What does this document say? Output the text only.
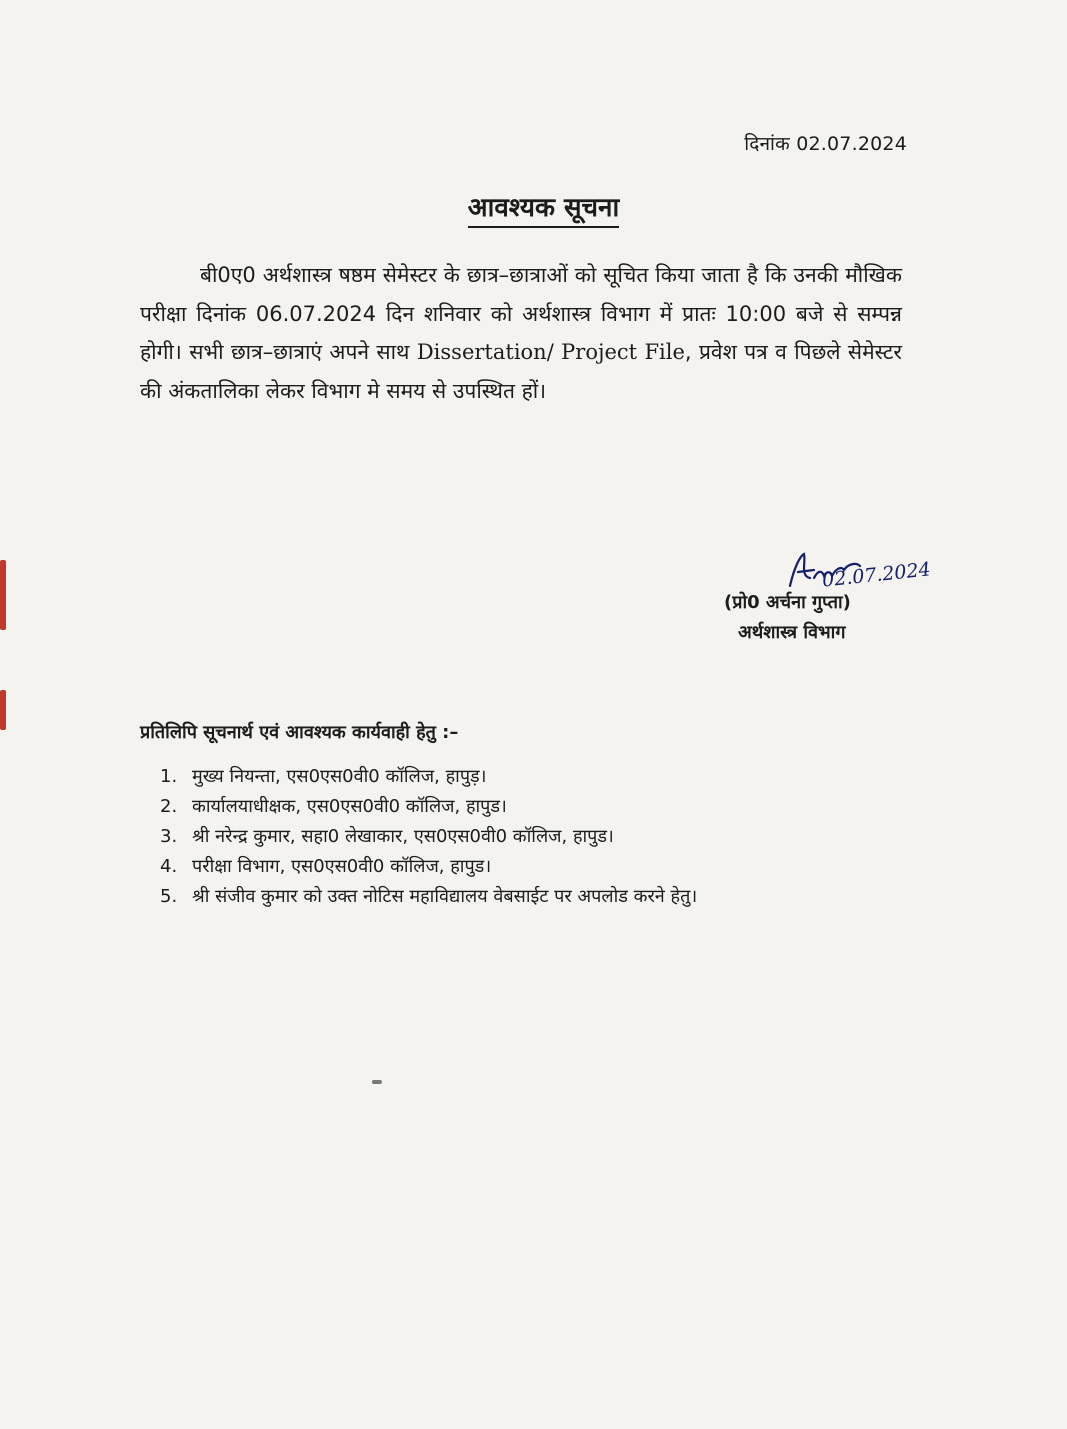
दिनांक 02.07.2024
आवश्यक सूचना

बी0ए0 अर्थशास्त्र षष्ठम सेमेस्टर के छात्र–छात्राओं को सूचित किया जाता है कि उनकी मौखिक परीक्षा दिनांक 06.07.2024 दिन शनिवार को अर्थशास्त्र विभाग में प्रातः 10:00 बजे से सम्पन्न होगी। सभी छात्र–छात्राएं अपने साथ Dissertation/ Project File, प्रवेश पत्र व पिछले सेमेस्टर की अंकतालिका लेकर विभाग मे समय से उपस्थित हों।

02.07.2024
(प्रो0 अर्चना गुप्ता)
अर्थशास्त्र विभाग
प्रतिलिपि सूचनार्थ एवं आवश्यक कार्यवाही हेतु :–
1. मुख्य नियन्ता, एस0एस0वी0 कॉलिज, हापुड़।
2. कार्यालयाधीक्षक, एस0एस0वी0 कॉलिज, हापुड।
3. श्री नरेन्द्र कुमार, सहा0 लेखाकार, एस0एस0वी0 कॉलिज, हापुड।
4. परीक्षा विभाग, एस0एस0वी0 कॉलिज, हापुड।
5. श्री संजीव कुमार को उक्त नोटिस महाविद्यालय वेबसाईट पर अपलोड करने हेतु।
